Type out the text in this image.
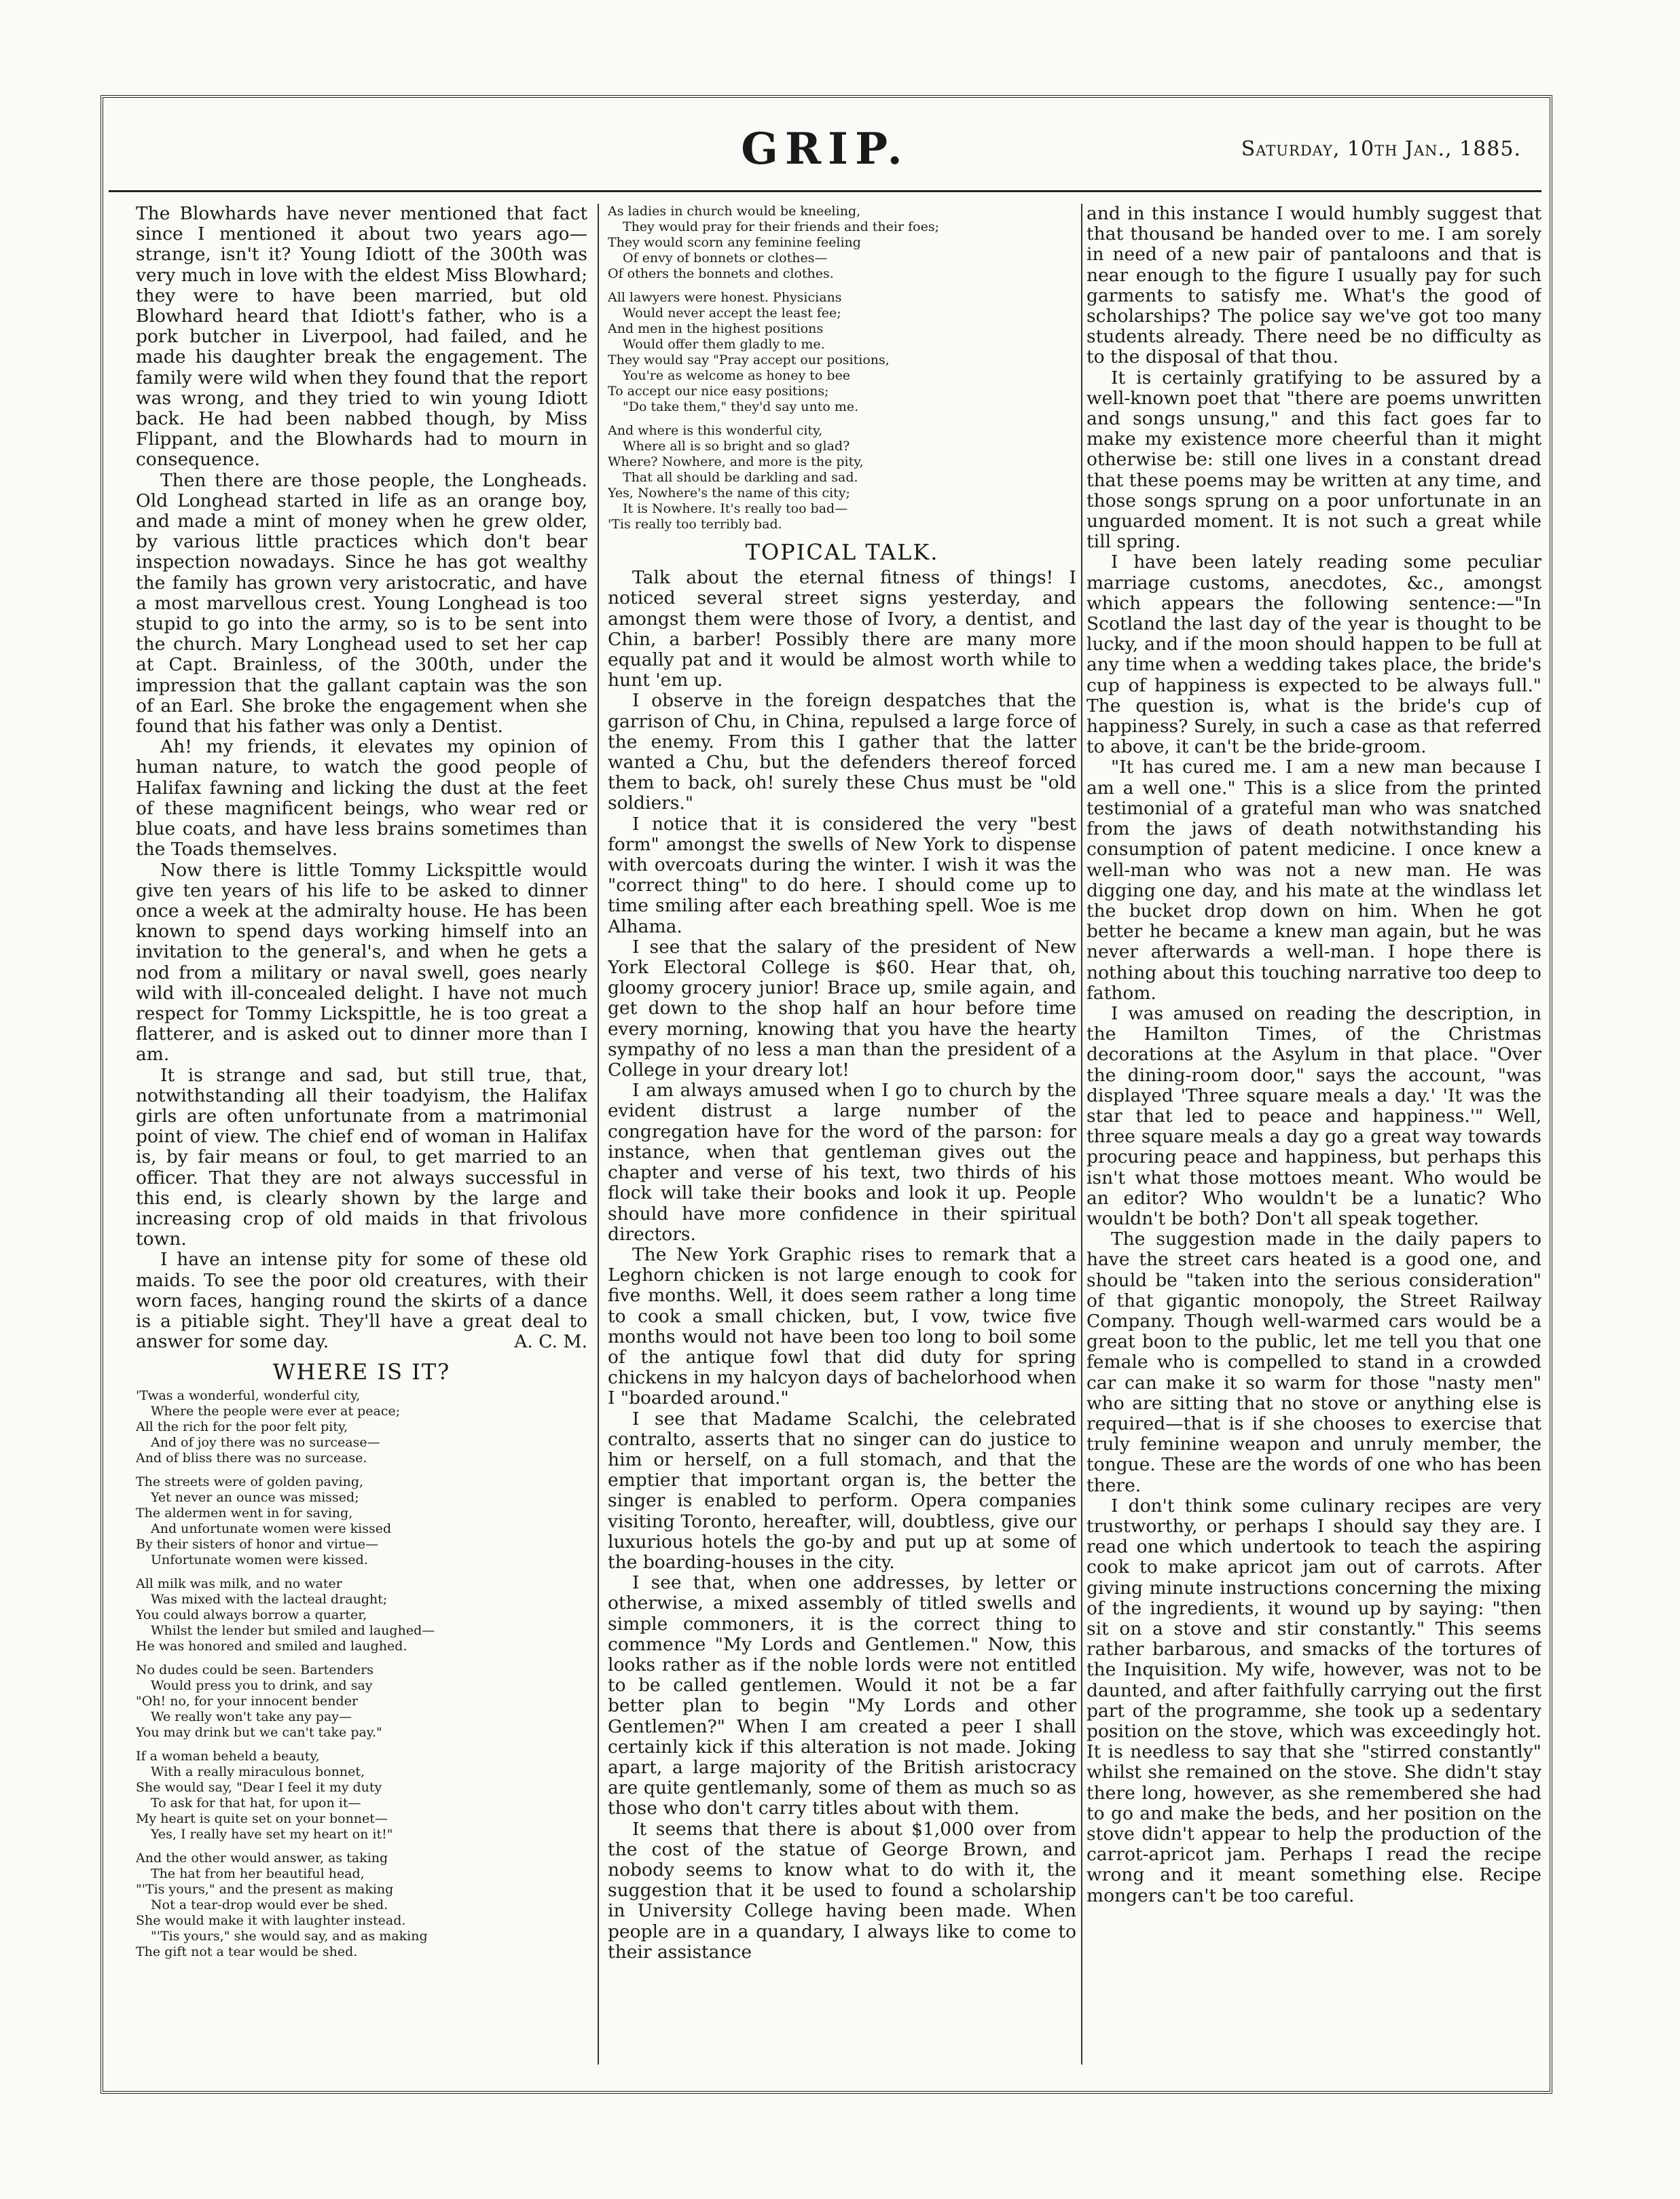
GRIP.	Saturday, 10th Jan., 1885.

The Blowhards have never mentioned that fact since I mentioned it about two years ago—strange, isn't it? Young Idiott of the 300th was very much in love with the eldest Miss Blowhard; they were to have been married, but old Blowhard heard that Idiott's father, who is a pork butcher in Liverpool, had failed, and he made his daughter break the engagement. The family were wild when they found that the report was wrong, and they tried to win young Idiott back. He had been nabbed though, by Miss Flippant, and the Blowhards had to mourn in consequence.

Then there are those people, the Longheads. Old Longhead started in life as an orange boy, and made a mint of money when he grew older, by various little practices which don't bear inspection nowadays. Since he has got wealthy the family has grown very aristocratic, and have a most marvellous crest. Young Longhead is too stupid to go into the army, so is to be sent into the church. Mary Longhead used to set her cap at Capt. Brainless, of the 300th, under the impression that the gallant captain was the son of an Earl. She broke the engagement when she found that his father was only a Dentist.

Ah! my friends, it elevates my opinion of human nature, to watch the good people of Halifax fawning and licking the dust at the feet of these magnificent beings, who wear red or blue coats, and have less brains sometimes than the Toads themselves.

Now there is little Tommy Lickspittle would give ten years of his life to be asked to dinner once a week at the admiralty house. He has been known to spend days working himself into an invitation to the general's, and when he gets a nod from a military or naval swell, goes nearly wild with ill-concealed delight. I have not much respect for Tommy Lickspittle, he is too great a flatterer, and is asked out to dinner more than I am.

It is strange and sad, but still true, that, notwithstanding all their toadyism, the Halifax girls are often unfortunate from a matrimonial point of view. The chief end of woman in Halifax is, by fair means or foul, to get married to an officer. That they are not always successful in this end, is clearly shown by the large and increasing crop of old maids in that frivolous town.

I have an intense pity for some of these old maids. To see the poor old creatures, with their worn faces, hanging round the skirts of a dance is a pitiable sight. They'll have a great deal to answer for some day.	A. C. M.

WHERE IS IT?
'Twas a wonderful, wonderful city,
Where the people were ever at peace;
All the rich for the poor felt pity,
And of joy there was no surcease—
And of bliss there was no surcease.
The streets were of golden paving,
Yet never an ounce was missed;
The aldermen went in for saving,
And unfortunate women were kissed
By their sisters of honor and virtue—
Unfortunate women were kissed.
All milk was milk, and no water
Was mixed with the lacteal draught;
You could always borrow a quarter,
Whilst the lender but smiled and laughed—
He was honored and smiled and laughed.
No dudes could be seen. Bartenders
Would press you to drink, and say
"Oh! no, for your innocent bender
We really won't take any pay—
You may drink but we can't take pay."
If a woman beheld a beauty,
With a really miraculous bonnet,
She would say, "Dear I feel it my duty
To ask for that hat, for upon it—
My heart is quite set on your bonnet—
Yes, I really have set my heart on it!"
And the other would answer, as taking
The hat from her beautiful head,
"'Tis yours," and the present as making
Not a tear-drop would ever be shed.
She would make it with laughter instead.
"'Tis yours," she would say, and as making
The gift not a tear would be shed.
As ladies in church would be kneeling,
They would pray for their friends and their foes;
They would scorn any feminine feeling
Of envy of bonnets or clothes—
Of others the bonnets and clothes.
All lawyers were honest. Physicians
Would never accept the least fee;
And men in the highest positions
Would offer them gladly to me.
They would say "Pray accept our positions,
You're as welcome as honey to bee
To accept our nice easy positions;
"Do take them," they'd say unto me.
And where is this wonderful city,
Where all is so bright and so glad?
Where? Nowhere, and more is the pity,
That all should be darkling and sad.
Yes, Nowhere's the name of this city;
It is Nowhere. It's really too bad—
'Tis really too terribly bad.
TOPICAL TALK.

Talk about the eternal fitness of things! I noticed several street signs yesterday, and amongst them were those of Ivory, a dentist, and Chin, a barber! Possibly there are many more equally pat and it would be almost worth while to hunt 'em up.

I observe in the foreign despatches that the garrison of Chu, in China, repulsed a large force of the enemy. From this I gather that the latter wanted a Chu, but the defenders thereof forced them to back, oh! surely these Chus must be "old soldiers."

I notice that it is considered the very "best form" amongst the swells of New York to dispense with overcoats during the winter. I wish it was the "correct thing" to do here. I should come up to time smiling after each breathing spell. Woe is me Alhama.

I see that the salary of the president of New York Electoral College is $60. Hear that, oh, gloomy grocery junior! Brace up, smile again, and get down to the shop half an hour before time every morning, knowing that you have the hearty sympathy of no less a man than the president of a College in your dreary lot!

I am always amused when I go to church by the evident distrust a large number of the congregation have for the word of the parson: for instance, when that gentleman gives out the chapter and verse of his text, two thirds of his flock will take their books and look it up. People should have more confidence in their spiritual directors.

The New York Graphic rises to remark that a Leghorn chicken is not large enough to cook for five months. Well, it does seem rather a long time to cook a small chicken, but, I vow, twice five months would not have been too long to boil some of the antique fowl that did duty for spring chickens in my halcyon days of bachelorhood when I "boarded around."

I see that Madame Scalchi, the celebrated contralto, asserts that no singer can do justice to him or herself, on a full stomach, and that the emptier that important organ is, the better the singer is enabled to perform. Opera companies visiting Toronto, hereafter, will, doubtless, give our luxurious hotels the go-by and put up at some of the boarding-houses in the city.

I see that, when one addresses, by letter or otherwise, a mixed assembly of titled swells and simple commoners, it is the correct thing to commence "My Lords and Gentlemen." Now, this looks rather as if the noble lords were not entitled to be called gentlemen. Would it not be a far better plan to begin "My Lords and other Gentlemen?" When I am created a peer I shall certainly kick if this alteration is not made. Joking apart, a large majority of the British aristocracy are quite gentlemanly, some of them as much so as those who don't carry titles about with them.

It seems that there is about $1,000 over from the cost of the statue of George Brown, and nobody seems to know what to do with it, the suggestion that it be used to found a scholarship in University College having been made. When people are in a quandary, I always like to come to their assistance

and in this instance I would humbly suggest that that thousand be handed over to me. I am sorely in need of a new pair of pantaloons and that is near enough to the figure I usually pay for such garments to satisfy me. What's the good of scholarships? The police say we've got too many students already. There need be no difficulty as to the disposal of that thou.

It is certainly gratifying to be assured by a well-known poet that "there are poems unwritten and songs unsung," and this fact goes far to make my existence more cheerful than it might otherwise be: still one lives in a constant dread that these poems may be written at any time, and those songs sprung on a poor unfortunate in an unguarded moment. It is not such a great while till spring.

I have been lately reading some peculiar marriage customs, anecdotes, &c., amongst which appears the following sentence:—"In Scotland the last day of the year is thought to be lucky, and if the moon should happen to be full at any time when a wedding takes place, the bride's cup of happiness is expected to be always full." The question is, what is the bride's cup of happiness? Surely, in such a case as that referred to above, it can't be the bride-groom.

"It has cured me. I am a new man because I am a well one." This is a slice from the printed testimonial of a grateful man who was snatched from the jaws of death notwithstanding his consumption of patent medicine. I once knew a well-man who was not a new man. He was digging one day, and his mate at the windlass let the bucket drop down on him. When he got better he became a knew man again, but he was never afterwards a well-man. I hope there is nothing about this touching narrative too deep to fathom.

I was amused on reading the description, in the Hamilton Times, of the Christmas decorations at the Asylum in that place. "Over the dining-room door," says the account, "was displayed 'Three square meals a day.' 'It was the star that led to peace and happiness.'" Well, three square meals a day go a great way towards procuring peace and happiness, but perhaps this isn't what those mottoes meant. Who would be an editor? Who wouldn't be a lunatic? Who wouldn't be both? Don't all speak together.

The suggestion made in the daily papers to have the street cars heated is a good one, and should be "taken into the serious consideration" of that gigantic monopoly, the Street Railway Company. Though well-warmed cars would be a great boon to the public, let me tell you that one female who is compelled to stand in a crowded car can make it so warm for those "nasty men" who are sitting that no stove or anything else is required—that is if she chooses to exercise that truly feminine weapon and unruly member, the tongue. These are the words of one who has been there.

I don't think some culinary recipes are very trustworthy, or perhaps I should say they are. I read one which undertook to teach the aspiring cook to make apricot jam out of carrots. After giving minute instructions concerning the mixing of the ingredients, it wound up by saying: "then sit on a stove and stir constantly." This seems rather barbarous, and smacks of the tortures of the Inquisition. My wife, however, was not to be daunted, and after faithfully carrying out the first part of the programme, she took up a sedentary position on the stove, which was exceedingly hot. It is needless to say that she "stirred constantly" whilst she remained on the stove. She didn't stay there long, however, as she remembered she had to go and make the beds, and her position on the stove didn't appear to help the production of the carrot-apricot jam. Perhaps I read the recipe wrong and it meant something else. Recipe mongers can't be too careful.
